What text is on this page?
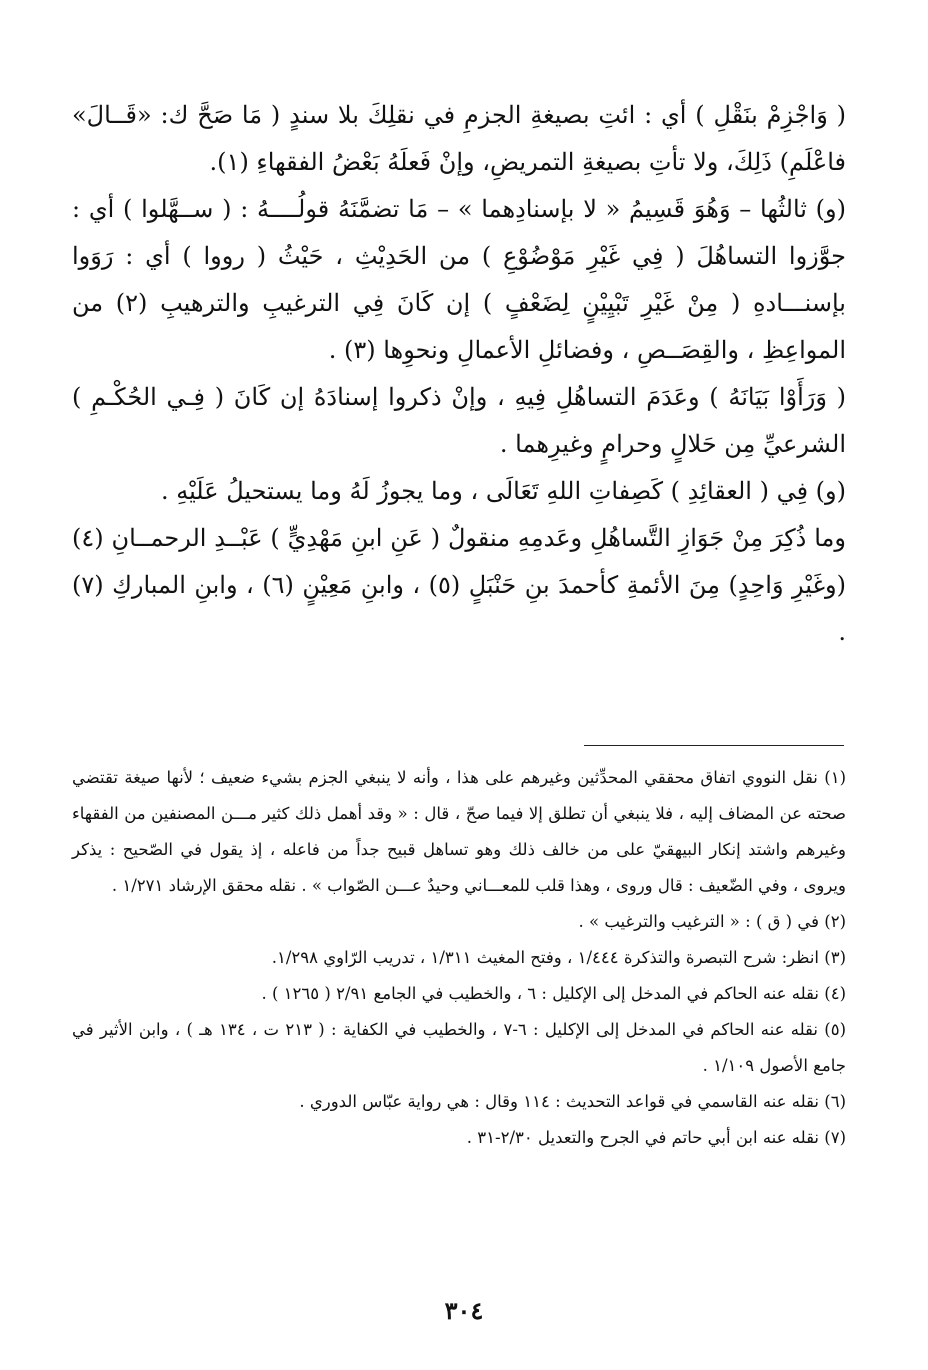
( وَاجْزِمْ بنَقْلِ ) أي : ائتِ بصيغةِ الجزمِ في نقلِكَ بلا سندٍ ( مَا صَحَّ ك: «قَــالَ» فاعْلَمِ) ذَلِكَ، ولا تأتِ بصيغةِ التمريضِ، وإنْ فَعلَهُ بَعْضُ الفقهاءِ (١).

(و) ثالثُها – وَهُوَ قَسِيمُ « لا بإسنادِهما » – مَا تضمَّنَهُ قولُــــهُ : ( ســهَّلوا ) أي : جوَّزوا التساهُلَ ( فِي غَيْرِ مَوْضُوْعِ ) من الحَدِيْثِ ، حَيْثُ ( رووا ) أي : رَوَوا بإسنـــادهِ ( مِنْ غَيْرِ تَبْيِيْنٍ لِضَعْفٍ ) إن كَانَ فِي الترغيبِ والترهيبِ (٢) من المواعِظِ ، والقِصَــصِ ، وفضائلِ الأعمالِ ونحوِها (٣) .

( وَرَأَوْا بَيَانَهُ ) وعَدَمَ التساهُلِ فِيهِ ، وإنْ ذكروا إسنادَهُ إن كَانَ ( فِـي الحُكْـمِ ) الشرعيِّ مِن حَلالٍ وحرامٍ وغيرِهما .

(و) فِي ( العقائِدِ ) كَصِفاتِ اللهِ تَعَالَى ، وما يجوزُ لَهُ وما يستحيلُ عَلَيْهِ .

وما ذُكِرَ مِنْ جَوَازِ التَّساهُلِ وعَدمِهِ منقولٌ ( عَنِ ابنِ مَهْدِيٍّ ) عَبْــدِ الرحمــانِ (٤) (وغَيْرِ وَاحِدٍ) مِنَ الأئمةِ كأحمدَ بنِ حَنْبَلٍ (٥) ، وابنِ مَعِيْنٍ (٦) ، وابنِ المباركِ (٧) .

(١) نقل النووي اتفاق محققي المحدِّثين وغيرهم على هذا ، وأنه لا ينبغي الجزم بشيء ضعيف ؛ لأنها صيغة تقتضي صحته عن المضاف إليه ، فلا ينبغي أن تطلق إلا فيما صحّ ، قال : « وقد أهمل ذلك كثير مـــن المصنفين من الفقهاء وغيرهم واشتد إنكار البيهقيّ على من خالف ذلك وهو تساهل قبيح جداً من فاعله ، إذ يقول في الصّحيح : يذكر ويروى ، وفي الضّعيف : قال وروى ، وهذا قلب للمعـــاني وحيدٌ عـــن الصّواب » . نقله محقق الإرشاد ١/٢٧١ .

(٢) في ( ق ) : « الترغيب والترغيب » .

(٣) انظر: شرح التبصرة والتذكرة ١/٤٤٤ ، وفتح المغيث ١/٣١١ ، تدريب الرّاوي ١/٢٩٨.

(٤) نقله عنه الحاكم في المدخل إلى الإكليل : ٦ ، والخطيب في الجامع ٢/٩١ ( ١٢٦٥ ) .

(٥) نقله عنه الحاكم في المدخل إلى الإكليل : ٦-٧ ، والخطيب في الكفاية : ( ٢١٣ ت ، ١٣٤ هـ ) ، وابن الأثير في جامع الأصول ١/١٠٩ .

(٦) نقله عنه القاسمي في قواعد التحديث : ١١٤ وقال : هي رواية عبّاس الدوري .

(٧) نقله عنه ابن أبي حاتم في الجرح والتعديل ٢/٣٠-٣١ .

٣٠٤
